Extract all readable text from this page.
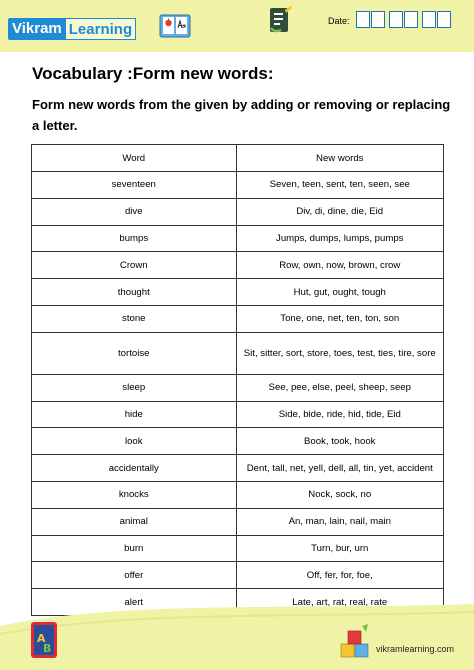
Vikram Learning	Date:
Vocabulary :Form new words:
Form new words from the given by adding or removing or replacing a letter.
Word	New words
seventeen	Seven, teen, sent, ten, seen, see
dive	Div, di, dine, die, Eid
bumps	Jumps, dumps, lumps, pumps
Crown	Row, own, now, brown, crow
thought	Hut, gut, ought, tough
stone	Tone, one, net, ten, ton, son
tortoise	Sit, sitter, sort, store, toes, test, ties, tire, sore
sleep	See, pee, else, peel, sheep, seep
hide	Side, bide, ride, hid, tide, Eid
look	Book, took, hook
accidentally	Dent, tall, net, yell, dell, all, tin, yet, accident
knocks	Nock, sock, no
animal	An, man, lain, nail, main
burn	Turn, bur, urn
offer	Off, fer, for, foe,
alert	Late, art, rat, real, rate
A
B	vikramlearning.com
